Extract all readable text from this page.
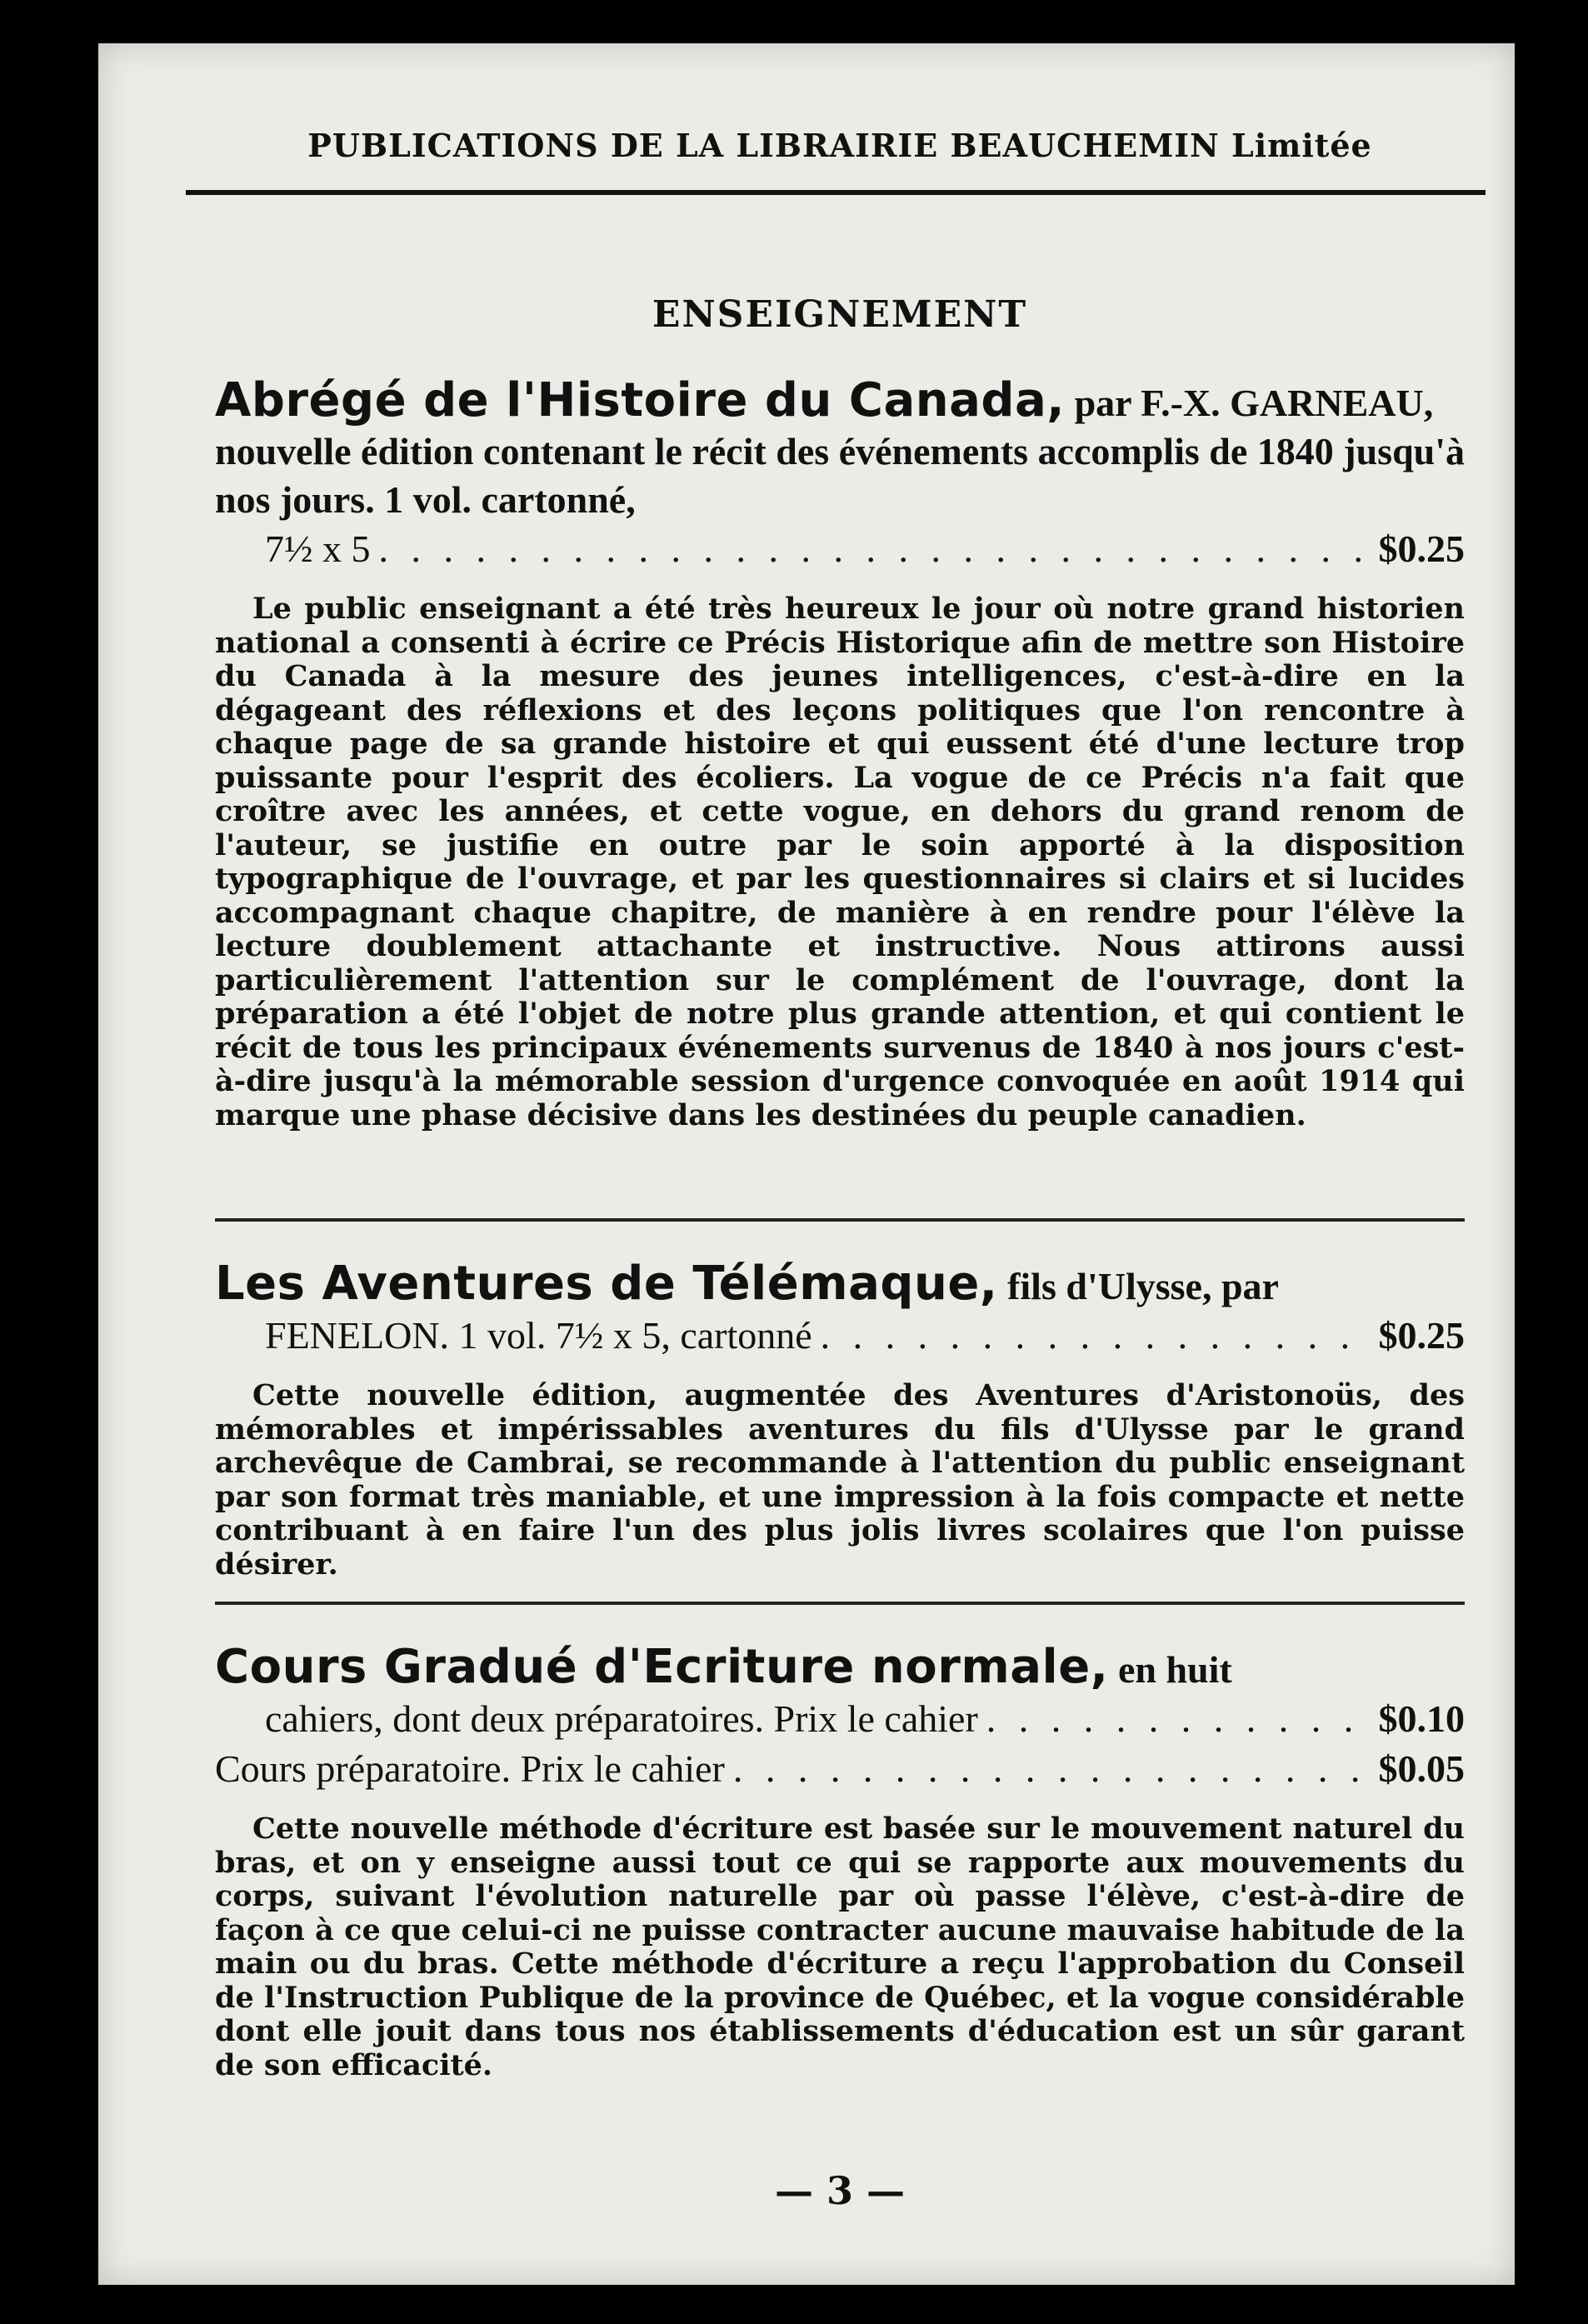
PUBLICATIONS DE LA LIBRAIRIE BEAUCHEMIN Limitée
ENSEIGNEMENT

Abrégé de l'Histoire du Canada, par F.-X. GARNEAU, nouvelle édition contenant le récit des événements accomplis de 1840 jusqu'à nos jours. 1 vol. cartonné,

7½ x 5 . . .	$0.25
Le public enseignant a été très heureux le jour où notre grand historien national a consenti à écrire ce Précis Historique afin de mettre son Histoire du Canada à la mesure des jeunes intelligences, c'est-à-dire en la dégageant des réflexions et des leçons politiques que l'on rencontre à chaque page de sa grande histoire et qui eussent été d'une lecture trop puissante pour l'esprit des écoliers. La vogue de ce Précis n'a fait que croître avec les années, et cette vogue, en dehors du grand renom de l'auteur, se justifie en outre par le soin apporté à la disposition typographique de l'ouvrage, et par les questionnaires si clairs et si lucides accompagnant chaque chapitre, de manière à en rendre pour l'élève la lecture doublement attachante et instructive. Nous attirons aussi particulièrement l'attention sur le complément de l'ouvrage, dont la préparation a été l'objet de notre plus grande attention, et qui contient le récit de tous les principaux événements survenus de 1840 à nos jours c'est-à-dire jusqu'à la mémorable session d'urgence convoquée en août 1914 qui marque une phase décisive dans les destinées du peuple canadien.

Les Aventures de Télémaque, fils d'Ulysse, par

FENELON. 1 vol. 7½ x 5, cartonné . . .	$0.25
Cette nouvelle édition, augmentée des Aventures d'Aristonoüs, des mémorables et impérissables aventures du fils d'Ulysse par le grand archevêque de Cambrai, se recommande à l'attention du public enseignant par son format très maniable, et une impression à la fois compacte et nette contribuant à en faire l'un des plus jolis livres scolaires que l'on puisse désirer.

Cours Gradué d'Ecriture normale, en huit

cahiers, dont deux préparatoires. Prix le cahier . . .	$0.10
Cours préparatoire. Prix le cahier . . .	$0.05
Cette nouvelle méthode d'écriture est basée sur le mouvement naturel du bras, et on y enseigne aussi tout ce qui se rapporte aux mouvements du corps, suivant l'évolution naturelle par où passe l'élève, c'est-à-dire de façon à ce que celui-ci ne puisse contracter aucune mauvaise habitude de la main ou du bras. Cette méthode d'écriture a reçu l'approbation du Conseil de l'Instruction Publique de la province de Québec, et la vogue considérable dont elle jouit dans tous nos établissements d'éducation est un sûr garant de son efficacité.
— 3 —
